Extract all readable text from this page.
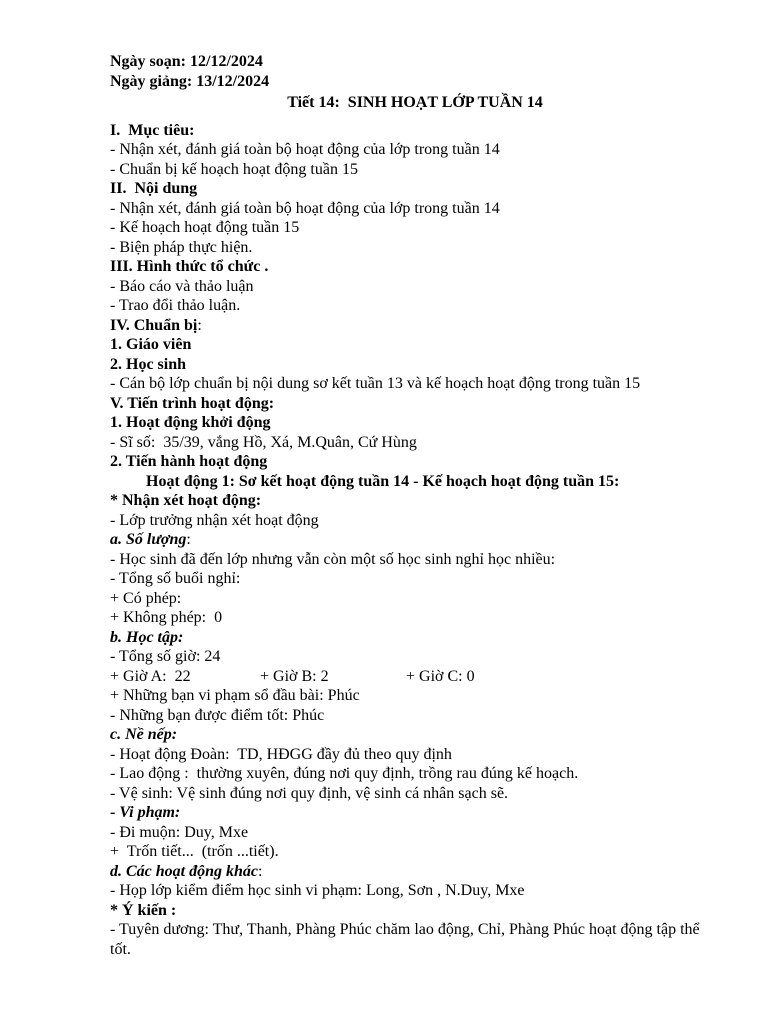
Ngày soạn: 12/12/2024
Ngày giảng: 13/12/2024
Tiết 14:  SINH HOẠT LỚP TUẦN 14
I.  Mục tiêu:
- Nhận xét, đánh giá toàn bộ hoạt động của lớp trong tuần 14
- Chuẩn bị kế hoạch hoạt động tuần 15
II.  Nội dung
- Nhận xét, đánh giá toàn bộ hoạt động của lớp trong tuần 14
- Kế hoạch hoạt động tuần 15
- Biện pháp thực hiện.
III. Hình thức tổ chức .
- Báo cáo và thảo luận
- Trao đổi thảo luận.
IV. Chuẩn bị:
1. Giáo viên
2. Học sinh
- Cán bộ lớp chuẩn bị nội dung sơ kết tuần 13 và kế hoạch hoạt động trong tuần 15
V. Tiến trình hoạt động:
1. Hoạt động khởi động
- Sĩ số:  35/39, vắng Hồ, Xá, M.Quân, Cứ Hùng
2. Tiến hành hoạt động
Hoạt động 1: Sơ kết hoạt động tuần 14 - Kế hoạch hoạt động tuần 15:
* Nhận xét hoạt động:
- Lớp trưởng nhận xét hoạt động
a. Số lượng:
- Học sinh đã đến lớp nhưng vẫn còn một số học sinh nghỉ học nhiều:
- Tổng số buổi nghỉ:
+ Có phép:
+ Không phép:  0
b. Học tập:
- Tổng số giờ: 24
+ Giờ A:  22	+ Giờ B: 2	+ Giờ C: 0
+ Những bạn vi phạm sổ đầu bài: Phúc
- Những bạn được điểm tốt: Phúc
c. Nề nếp:
- Hoạt động Đoàn:  TD, HĐGG đầy đủ theo quy định
- Lao động :  thường xuyên, đúng nơi quy định, trồng rau đúng kế hoạch.
- Vệ sinh: Vệ sinh đúng nơi quy định, vệ sinh cá nhân sạch sẽ.
- Vi phạm:
- Đi muộn: Duy, Mxe
+  Trốn tiết...  (trốn ...tiết).
d. Các hoạt động khác:
- Họp lớp kiểm điểm học sinh vi phạm: Long, Sơn , N.Duy, Mxe
* Ý kiến :
- Tuyên dương: Thư, Thanh, Phàng Phúc chăm lao động, Chỉ, Phàng Phúc hoạt động tập thể tốt.
